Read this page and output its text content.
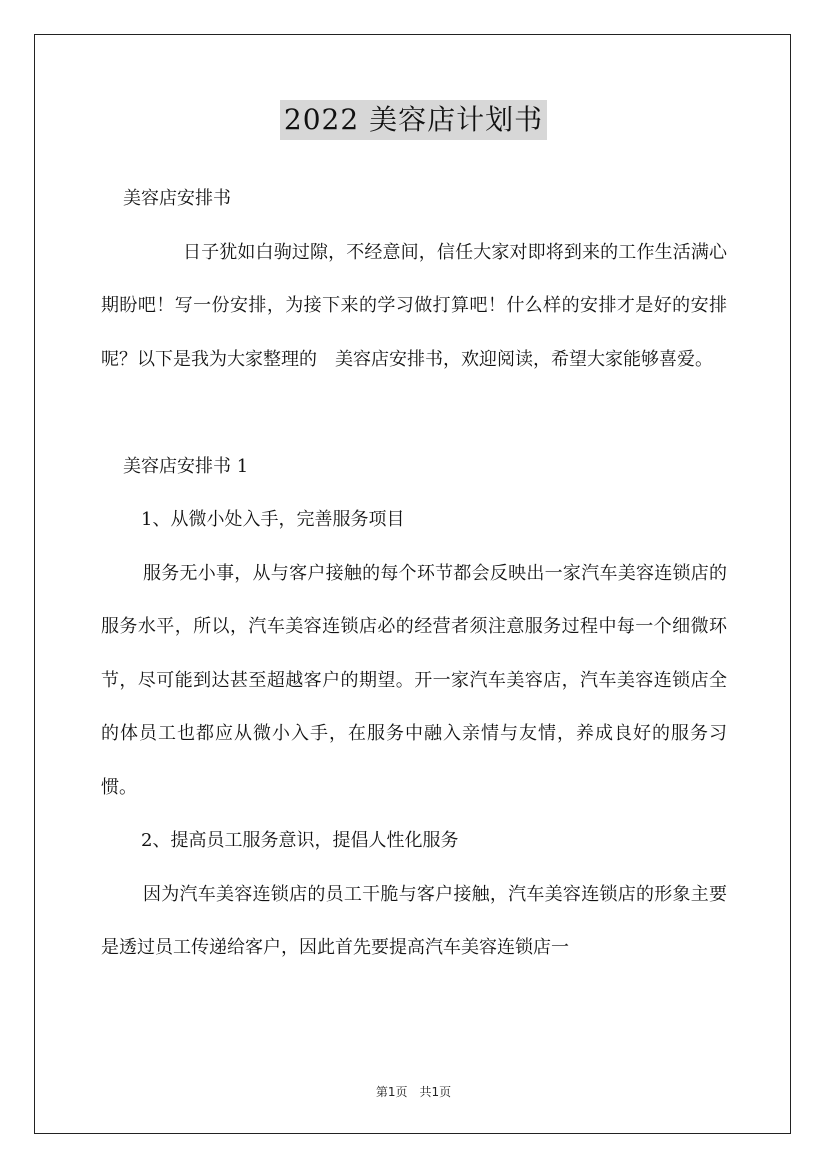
2022 美容店计划书

美容店安排书

日子犹如白驹过隙，不经意间，信任大家对即将到来的工作生活满心期盼吧！写一份安排，为接下来的学习做打算吧！什么样的安排才是好的安排呢？以下是我为大家整理的　美容店安排书，欢迎阅读，希望大家能够喜爱。

美容店安排书 1

1、从微小处入手，完善服务项目

服务无小事，从与客户接触的每个环节都会反映出一家汽车美容连锁店的服务水平，所以，汽车美容连锁店必的经营者须注意服务过程中每一个细微环节，尽可能到达甚至超越客户的期望。开一家汽车美容店，汽车美容连锁店全的体员工也都应从微小入手，在服务中融入亲情与友情，养成良好的服务习惯。

2、提高员工服务意识，提倡人性化服务

因为汽车美容连锁店的员工干脆与客户接触，汽车美容连锁店的形象主要是透过员工传递给客户，因此首先要提高汽车美容连锁店一

第1页　共1页
